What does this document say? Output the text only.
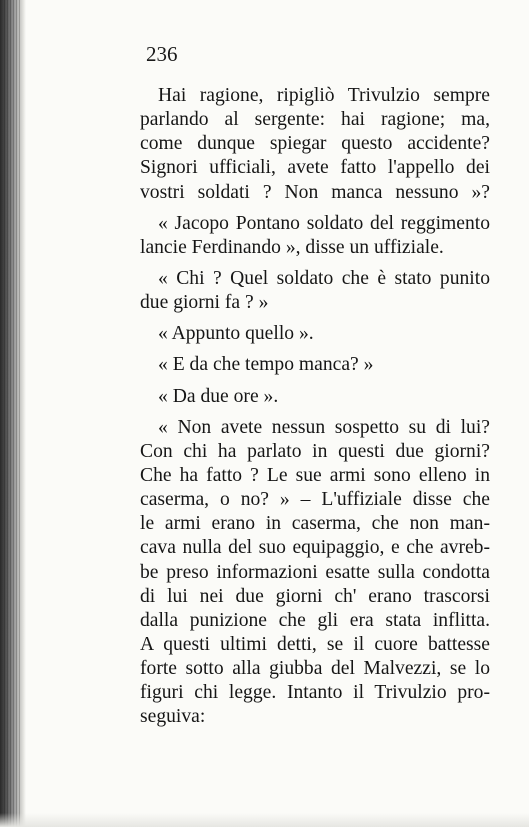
236
Hai ragione, ripigliò Trivulzio sempre
parlando al sergente: hai ragione; ma,
come dunque spiegar questo accidente?
Signori ufficiali, avete fatto l'appello dei
vostri soldati ? Non manca nessuno »?
« Jacopo Pontano soldato del reggimento
lancie Ferdinando », disse un uffiziale.
« Chi ? Quel soldato che è stato punito
due giorni fa ? »
« Appunto quello ».
« E da che tempo manca? »
« Da due ore ».
« Non avete nessun sospetto su di lui?
Con chi ha parlato in questi due giorni?
Che ha fatto ? Le sue armi sono elleno in
caserma, o no? » – L'uffiziale disse che
le armi erano in caserma, che non man-
cava nulla del suo equipaggio, e che avreb-
be preso informazioni esatte sulla condotta
di lui nei due giorni ch' erano trascorsi
dalla punizione che gli era stata inflitta.
A questi ultimi detti, se il cuore battesse
forte sotto alla giubba del Malvezzi, se lo
figuri chi legge. Intanto il Trivulzio pro-
seguiva:
